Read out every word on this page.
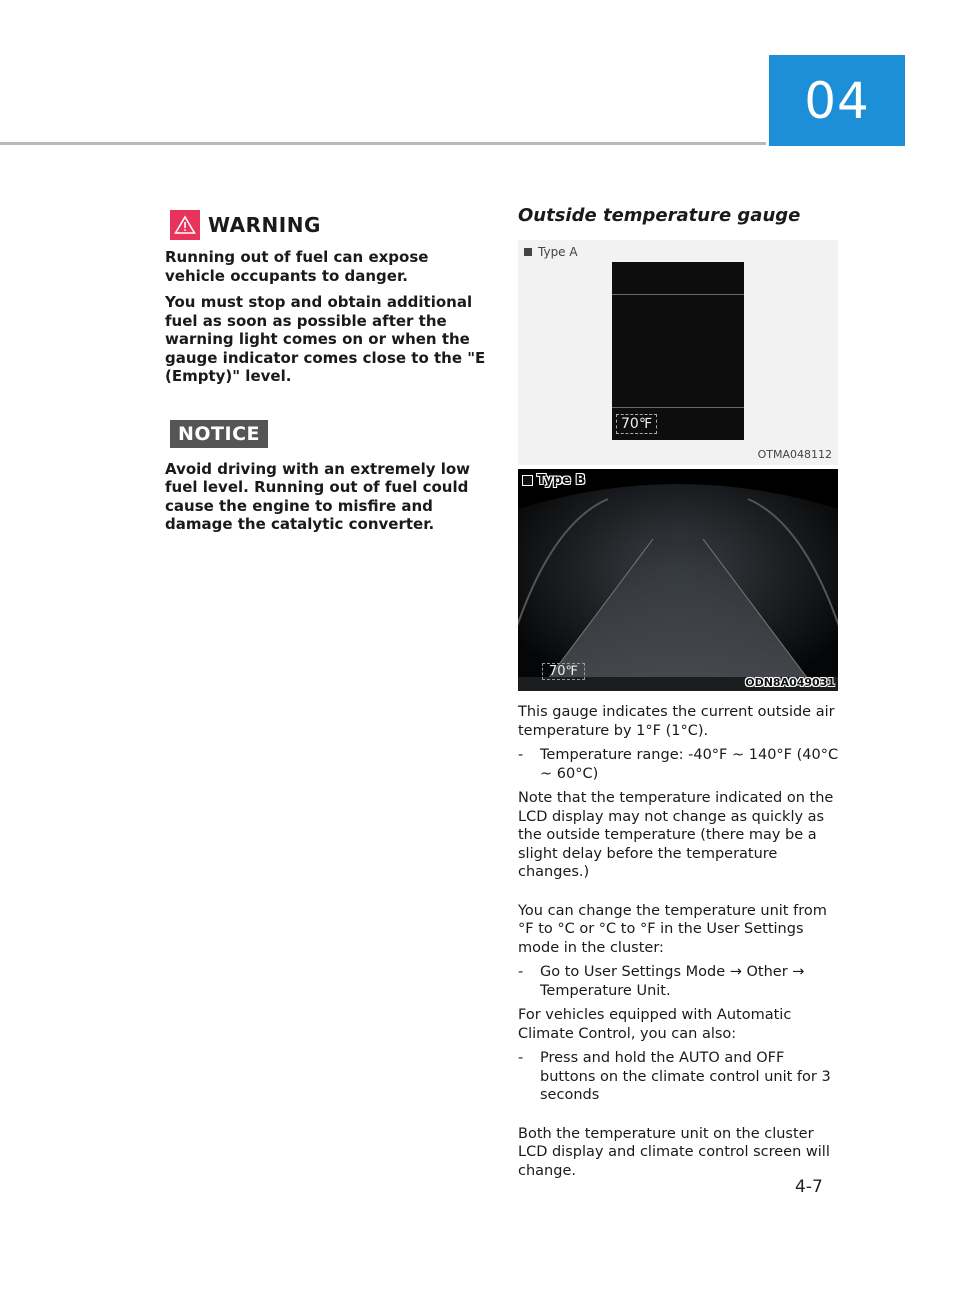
04
WARNING

Running out of fuel can expose vehicle occupants to danger.

You must stop and obtain additional fuel as soon as possible after the warning light comes on or when the gauge indicator comes close to the "E (Empty)" level.

NOTICE

Avoid driving with an extremely low fuel level. Running out of fuel could cause the engine to misfire and damage the catalytic converter.

Outside temperature gauge
Type A
70℉
OTMA048112
Type B
70℉
ODN8A049031

This gauge indicates the current outside air temperature by 1°F (1°C).

-	Temperature range: -40°F ~ 140°F (40°C ~ 60°C)

Note that the temperature indicated on the LCD display may not change as quickly as the outside temperature (there may be a slight delay before the temperature changes.)

You can change the temperature unit from °F to °C or °C to °F in the User Settings mode in the cluster:

-	Go to User Settings Mode → Other → Temperature Unit.

For vehicles equipped with Automatic Climate Control, you can also:

-	Press and hold the AUTO and OFF buttons on the climate control unit for 3 seconds

Both the temperature unit on the cluster LCD display and climate control screen will change.

4-7
